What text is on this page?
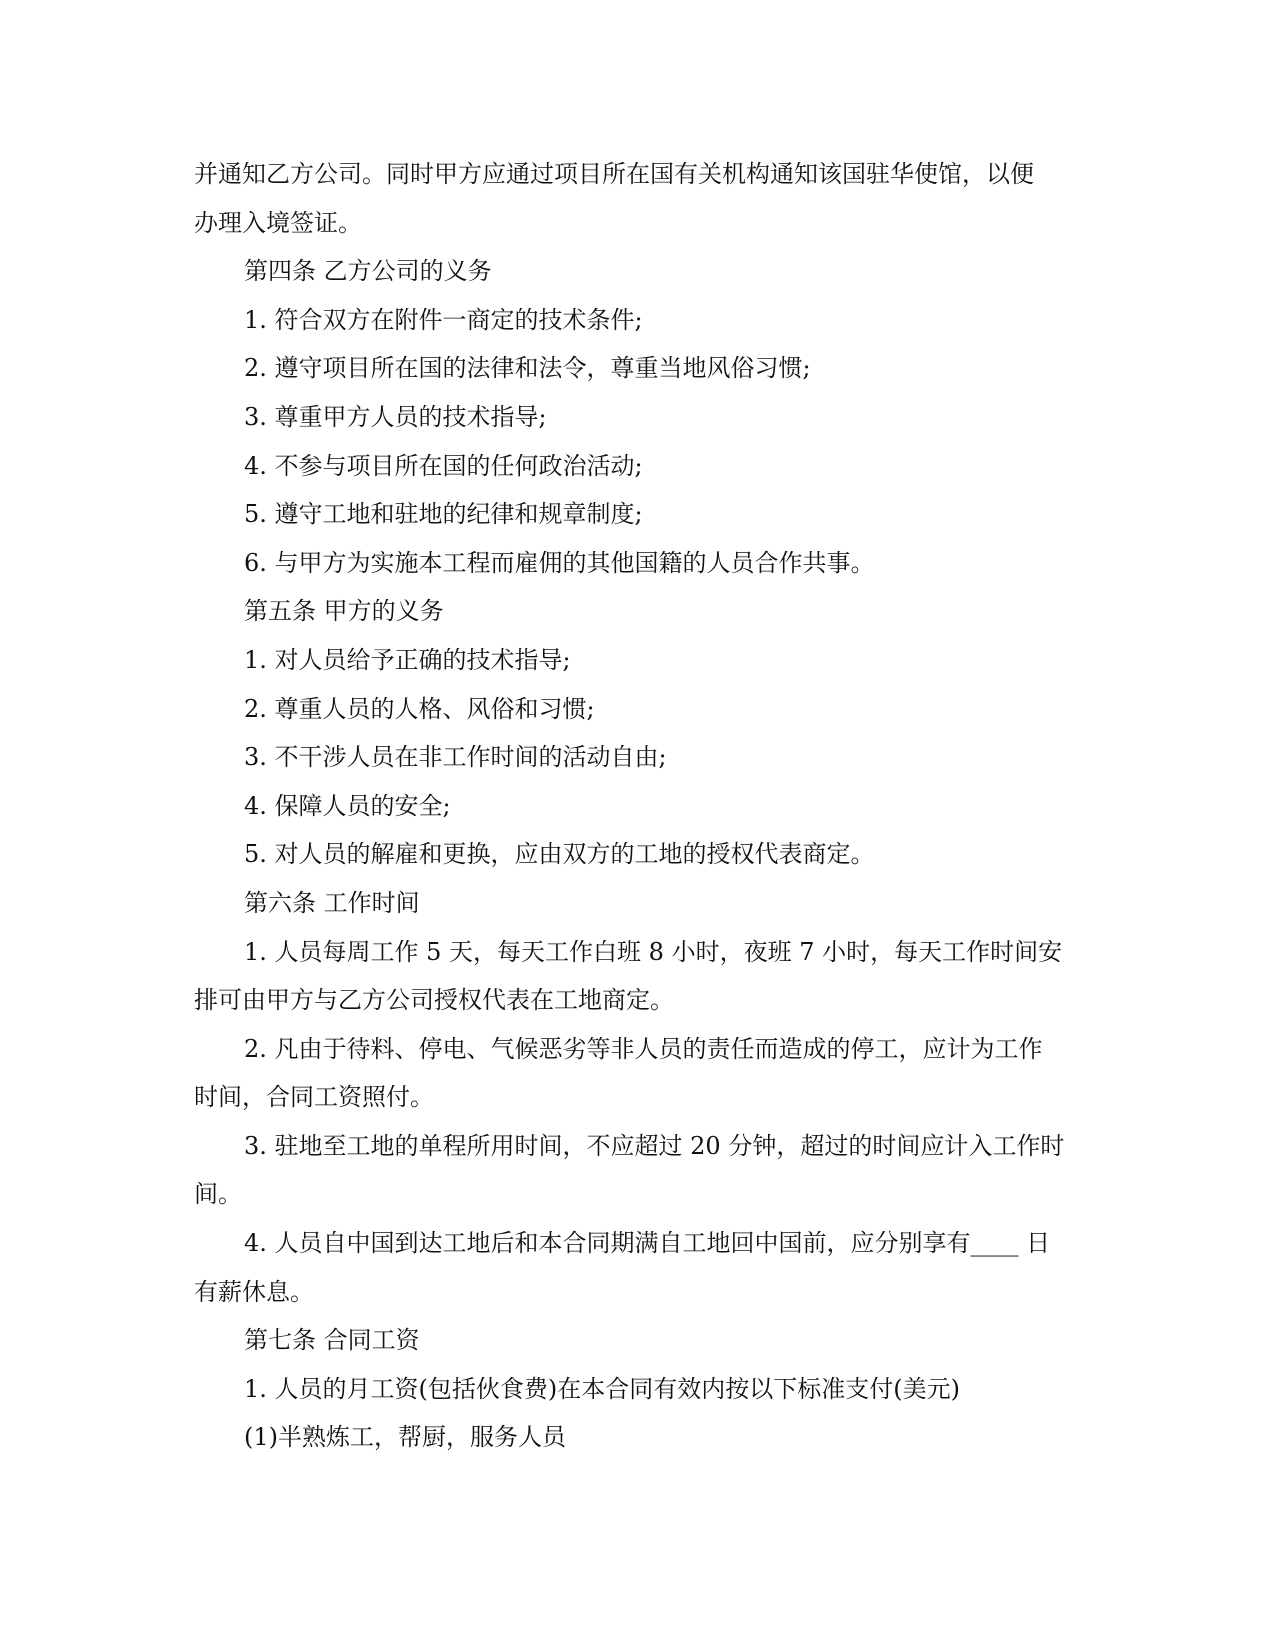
并通知乙方公司。同时甲方应通过项目所在国有关机构通知该国驻华使馆，以便

办理入境签证。

第四条 乙方公司的义务

1. 符合双方在附件一商定的技术条件;

2. 遵守项目所在国的法律和法令，尊重当地风俗习惯;

3. 尊重甲方人员的技术指导;

4. 不参与项目所在国的任何政治活动;

5. 遵守工地和驻地的纪律和规章制度;

6. 与甲方为实施本工程而雇佣的其他国籍的人员合作共事。

第五条 甲方的义务

1. 对人员给予正确的技术指导;

2. 尊重人员的人格、风俗和习惯;

3. 不干涉人员在非工作时间的活动自由;

4. 保障人员的安全;

5. 对人员的解雇和更换，应由双方的工地的授权代表商定。

第六条 工作时间

1. 人员每周工作 5 天，每天工作白班 8 小时，夜班 7 小时，每天工作时间安

排可由甲方与乙方公司授权代表在工地商定。

2. 凡由于待料、停电、气候恶劣等非人员的责任而造成的停工，应计为工作

时间，合同工资照付。

3. 驻地至工地的单程所用时间，不应超过 20 分钟，超过的时间应计入工作时

间。

4. 人员自中国到达工地后和本合同期满自工地回中国前，应分别享有____ 日

有薪休息。

第七条 合同工资

1. 人员的月工资(包括伙食费)在本合同有效内按以下标准支付(美元)

(1)半熟炼工，帮厨，服务人员
